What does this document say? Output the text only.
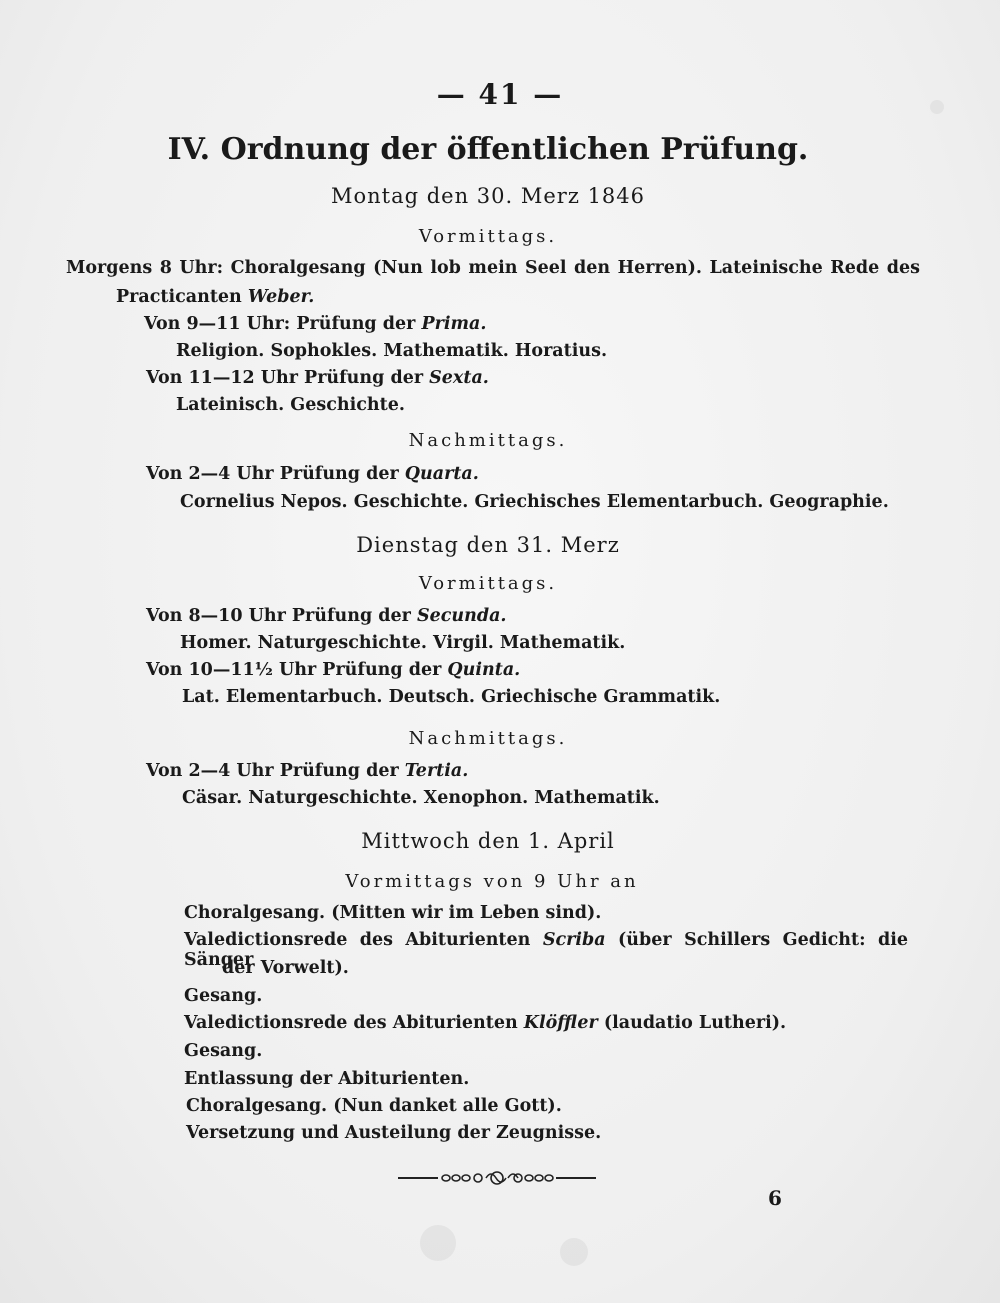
— 41 —
IV. Ordnung der öffentlichen Prüfung.
Montag den 30. Merz 1846
Vormittags.
Morgens 8 Uhr: Choralgesang (Nun lob mein Seel den Herren). Lateinische Rede des
Practicanten Weber.
Von 9—11 Uhr: Prüfung der Prima.
Religion. Sophokles. Mathematik. Horatius.
Von 11—12 Uhr Prüfung der Sexta.
Lateinisch. Geschichte.
Nachmittags.
Von 2—4 Uhr Prüfung der Quarta.
Cornelius Nepos. Geschichte. Griechisches Elementarbuch. Geographie.
Dienstag den 31. Merz
Vormittags.
Von 8—10 Uhr Prüfung der Secunda.
Homer. Naturgeschichte. Virgil. Mathematik.
Von 10—11½ Uhr Prüfung der Quinta.
Lat. Elementarbuch. Deutsch. Griechische Grammatik.
Nachmittags.
Von 2—4 Uhr Prüfung der Tertia.
Cäsar. Naturgeschichte. Xenophon. Mathematik.
Mittwoch den 1. April
Vormittags von 9 Uhr an
Choralgesang. (Mitten wir im Leben sind).
Valedictionsrede des Abiturienten Scriba (über Schillers Gedicht: die Sänger
der Vorwelt).
Gesang.
Valedictionsrede des Abiturienten Klöffler (laudatio Lutheri).
Gesang.
Entlassung der Abiturienten.
Choralgesang. (Nun danket alle Gott).
Versetzung und Austeilung der Zeugnisse.
6
